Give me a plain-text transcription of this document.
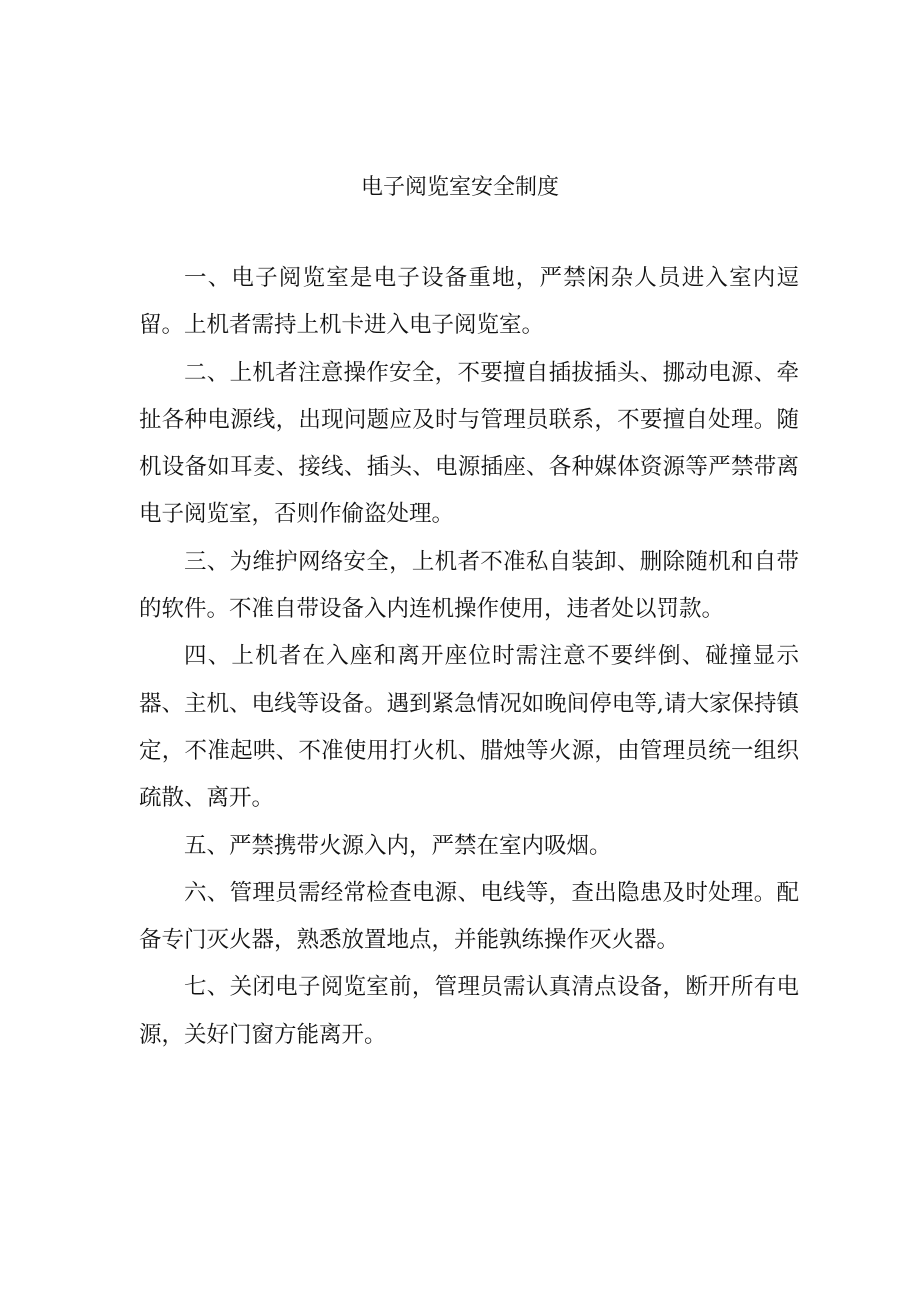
电子阅览室安全制度

一、电子阅览室是电子设备重地，严禁闲杂人员进入室内逗留。上机者需持上机卡进入电子阅览室。

二、上机者注意操作安全，不要擅自插拔插头、挪动电源、牵扯各种电源线，出现问题应及时与管理员联系，不要擅自处理。随机设备如耳麦、接线、插头、电源插座、各种媒体资源等严禁带离电子阅览室，否则作偷盗处理。

三、为维护网络安全，上机者不准私自装卸、删除随机和自带的软件。不准自带设备入内连机操作使用，违者处以罚款。

四、上机者在入座和离开座位时需注意不要绊倒、碰撞显示器、主机、电线等设备。遇到紧急情况如晚间停电等,请大家保持镇定，不准起哄、不准使用打火机、腊烛等火源，由管理员统一组织疏散、离开。

五、严禁携带火源入内，严禁在室内吸烟。

六、管理员需经常检查电源、电线等，查出隐患及时处理。配备专门灭火器，熟悉放置地点，并能孰练操作灭火器。

七、关闭电子阅览室前，管理员需认真清点设备，断开所有电源，关好门窗方能离开。
